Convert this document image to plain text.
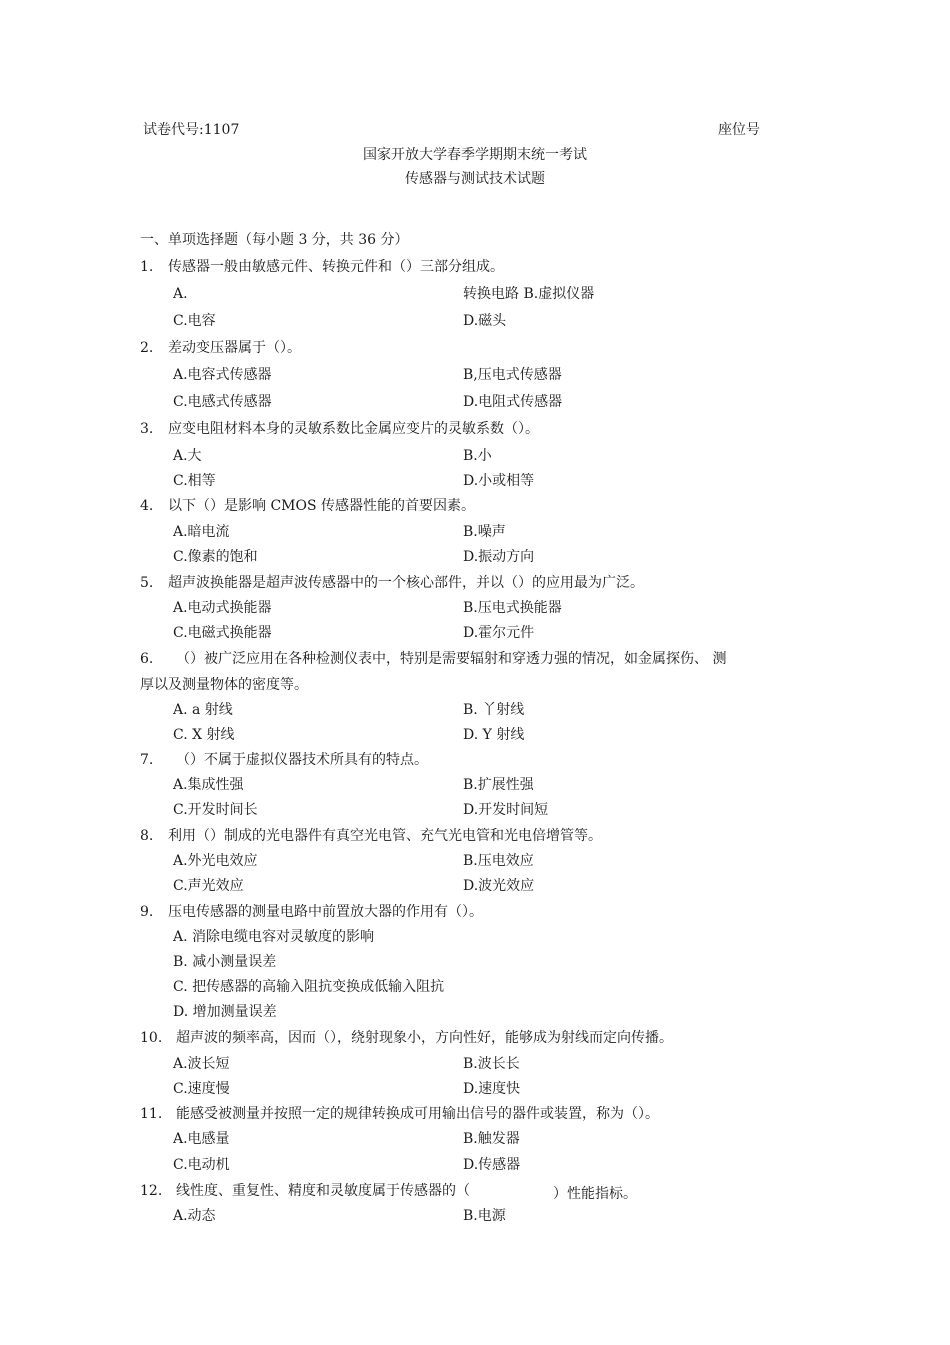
试卷代号:1107	座位号
国家开放大学春季学期期末统一考试
传感器与测试技术试题
一、单项选择题（每小题 3 分，共 36 分）
1. 传感器一般由敏感元件、转换元件和（）三部分组成。
A.	转换电路 B.虚拟仪器
C.电容	D.磁头
2. 差动变压器属于（）。
A.电容式传感器	B,压电式传感器
C.电感式传感器	D.电阻式传感器
3. 应变电阻材料本身的灵敏系数比金属应变片的灵敏系数（）。
A.大	B.小
C.相等	D.小或相等
4. 以下（）是影响 CMOS 传感器性能的首要因素。
A.暗电流	B.噪声
C.像素的饱和	D.振动方向
5. 超声波换能器是超声波传感器中的一个核心部件，并以（）的应用最为广泛。
A.电动式换能器	B.压电式换能器
C.电磁式换能器	D.霍尔元件
6. （）被广泛应用在各种检测仪表中，特别是需要辐射和穿透力强的情况，如金属探伤、 测
厚以及测量物体的密度等。
A. a 射线	B. 丫射线
C. X 射线	D. Y 射线
7. （）不属于虚拟仪器技术所具有的特点。
A.集成性强	B.扩展性强
C.开发时间长	D.开发时间短
8. 利用（）制成的光电器件有真空光电管、充气光电管和光电倍增管等。
A.外光电效应	B.压电效应
C.声光效应	D.波光效应
9. 压电传感器的测量电路中前置放大器的作用有（）。
A. 消除电缆电容对灵敏度的影响
B. 减小测量误差
C. 把传感器的高输入阻抗变换成低输入阻抗
D. 增加测量误差
10. 超声波的频率高，因而（），绕射现象小，方向性好，能够成为射线而定向传播。
A.波长短	B.波长长
C.速度慢	D.速度快
11. 能感受被测量并按照一定的规律转换成可用输出信号的器件或装置，称为（）。
A.电感量	B.触发器
C.电动机	D.传感器
12. 线性度、重复性、精度和灵敏度属于传感器的（	）性能指标。
A.动态	B.电源
